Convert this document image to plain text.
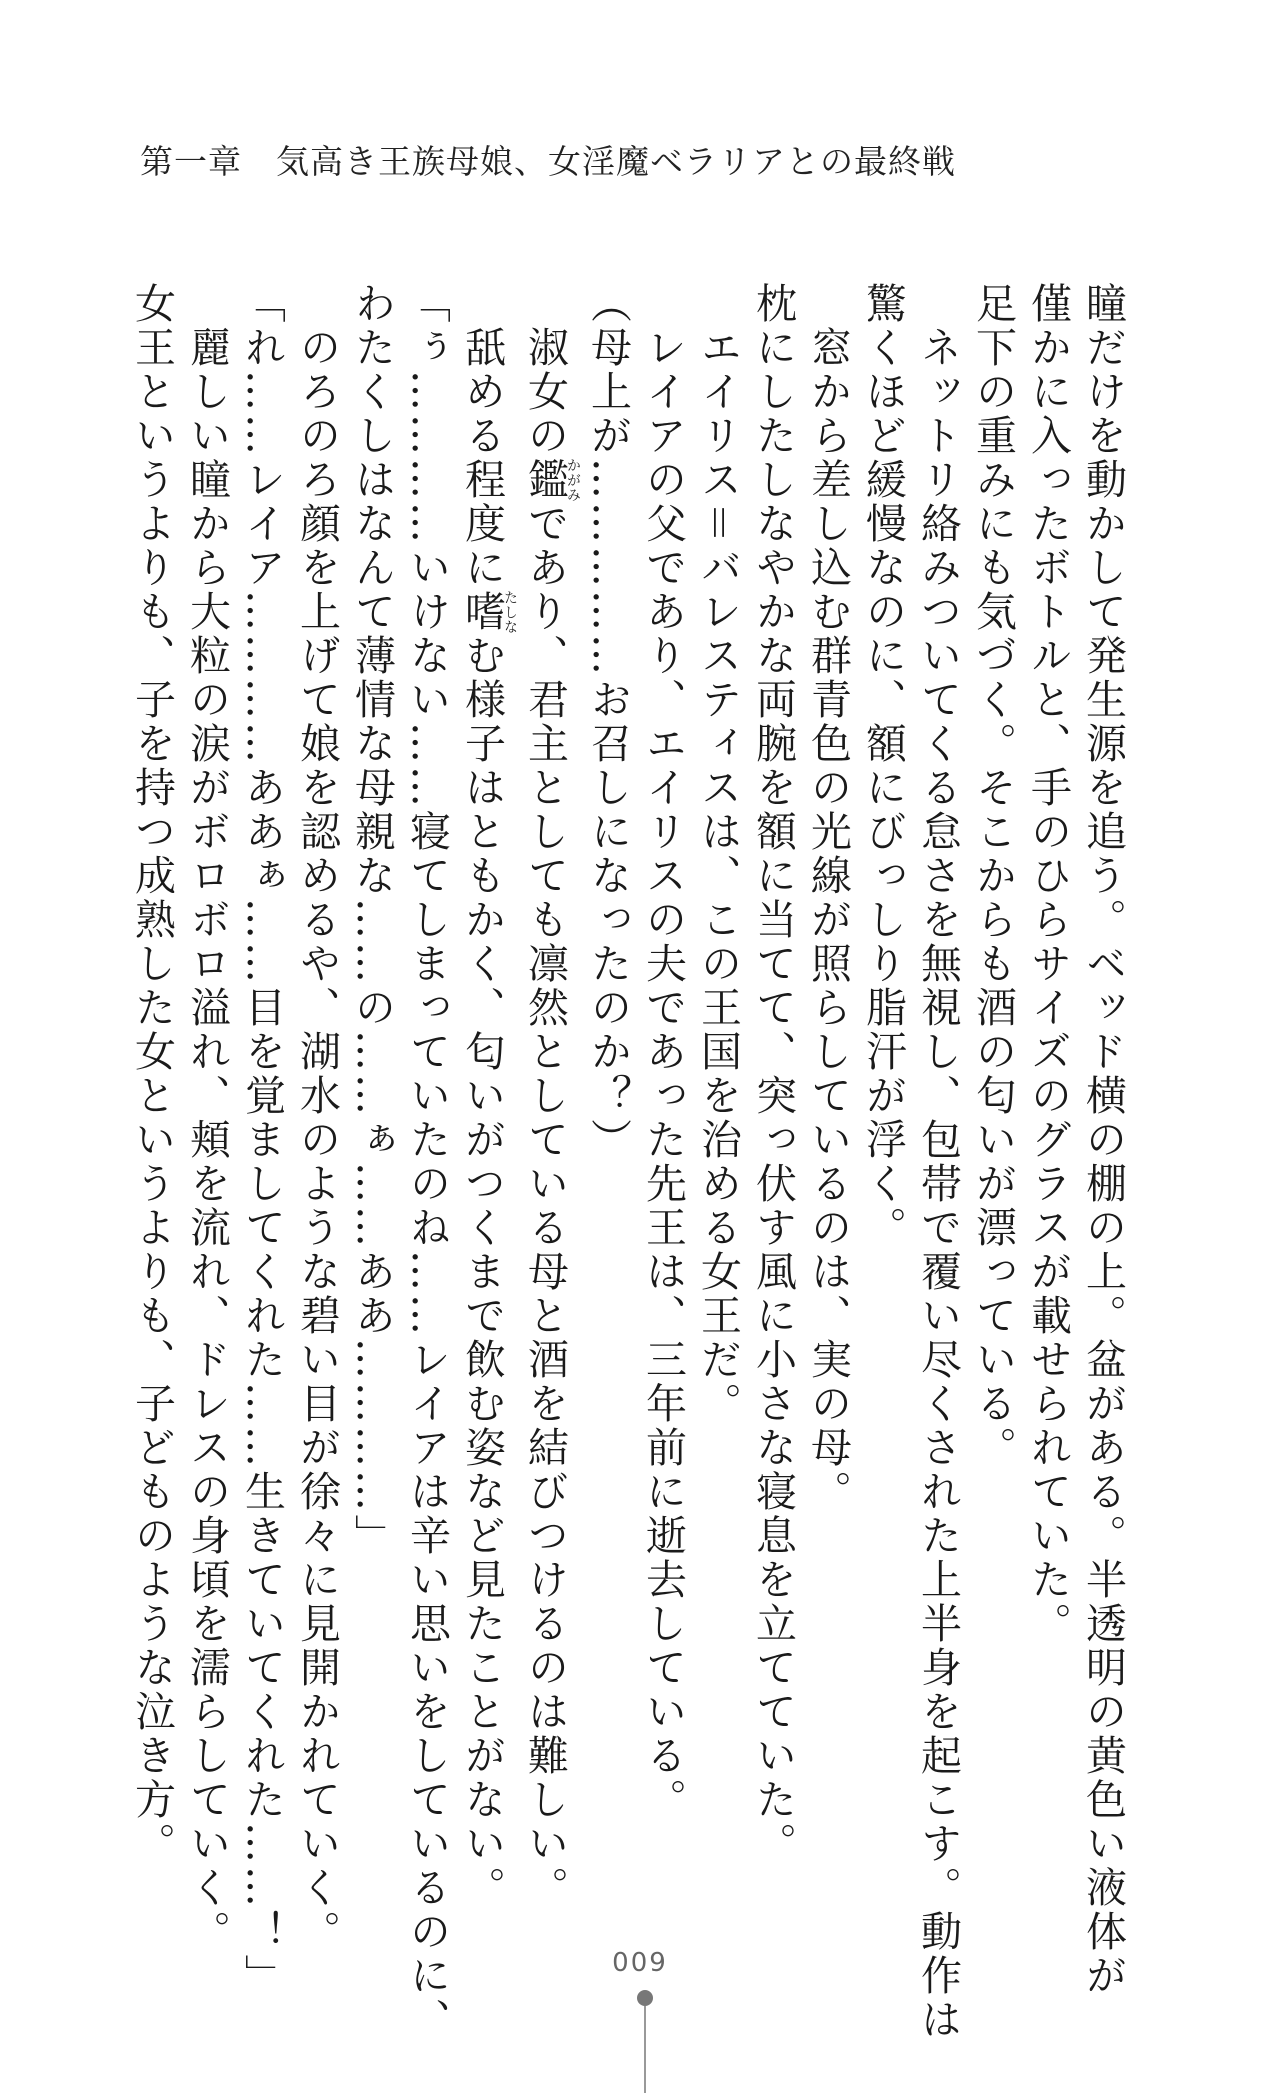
第一章　気高き王族母娘、女淫魔ベラリアとの最終戦
瞳だけを動かして発生源を追う。ベッド横の棚の上。盆がある。半透明の黄色い液体が
僅かに入ったボトルと、手のひらサイズのグラスが載せられていた。
足下の重みにも気づく。そこからも酒の匂いが漂っている。
　ネットリ絡みついてくる怠さを無視し、包帯で覆い尽くされた上半身を起こす。動作は
驚くほど緩慢なのに、額にびっしり脂汗が浮く。
　窓から差し込む群青色の光線が照らしているのは、実の母。
枕にしたしなやかな両腕を額に当てて、突っ伏す風に小さな寝息を立てていた。
　エイリス＝バレスティスは、この王国を治める女王だ。
　レイアの父であり、エイリスの夫であった先王は、三年前に逝去している。
（母上が……………お召しになったのか？）
　淑女の鑑かがみであり、君主としても凛然としている母と酒を結びつけるのは難しい。
　舐める程度に嗜たしなむ様子はともかく、匂いがつくまで飲む姿など見たことがない。
「ぅ…………いけない……寝てしまっていたのね……レイアは辛い思いをしているのに、
わたくしはなんて薄情な母親な……の……ぁ……ああ…………」
　のろのろ顔を上げて娘を認めるや、湖水のような碧い目が徐々に見開かれていく。
「れ……レイア…………ああぁ……目を覚ましてくれた……生きていてくれた……！」
　麗しい瞳から大粒の涙がボロボロ溢れ、頬を流れ、ドレスの身頃を濡らしていく。
女王というよりも、子を持つ成熟した女というよりも、子どものような泣き方。
009
